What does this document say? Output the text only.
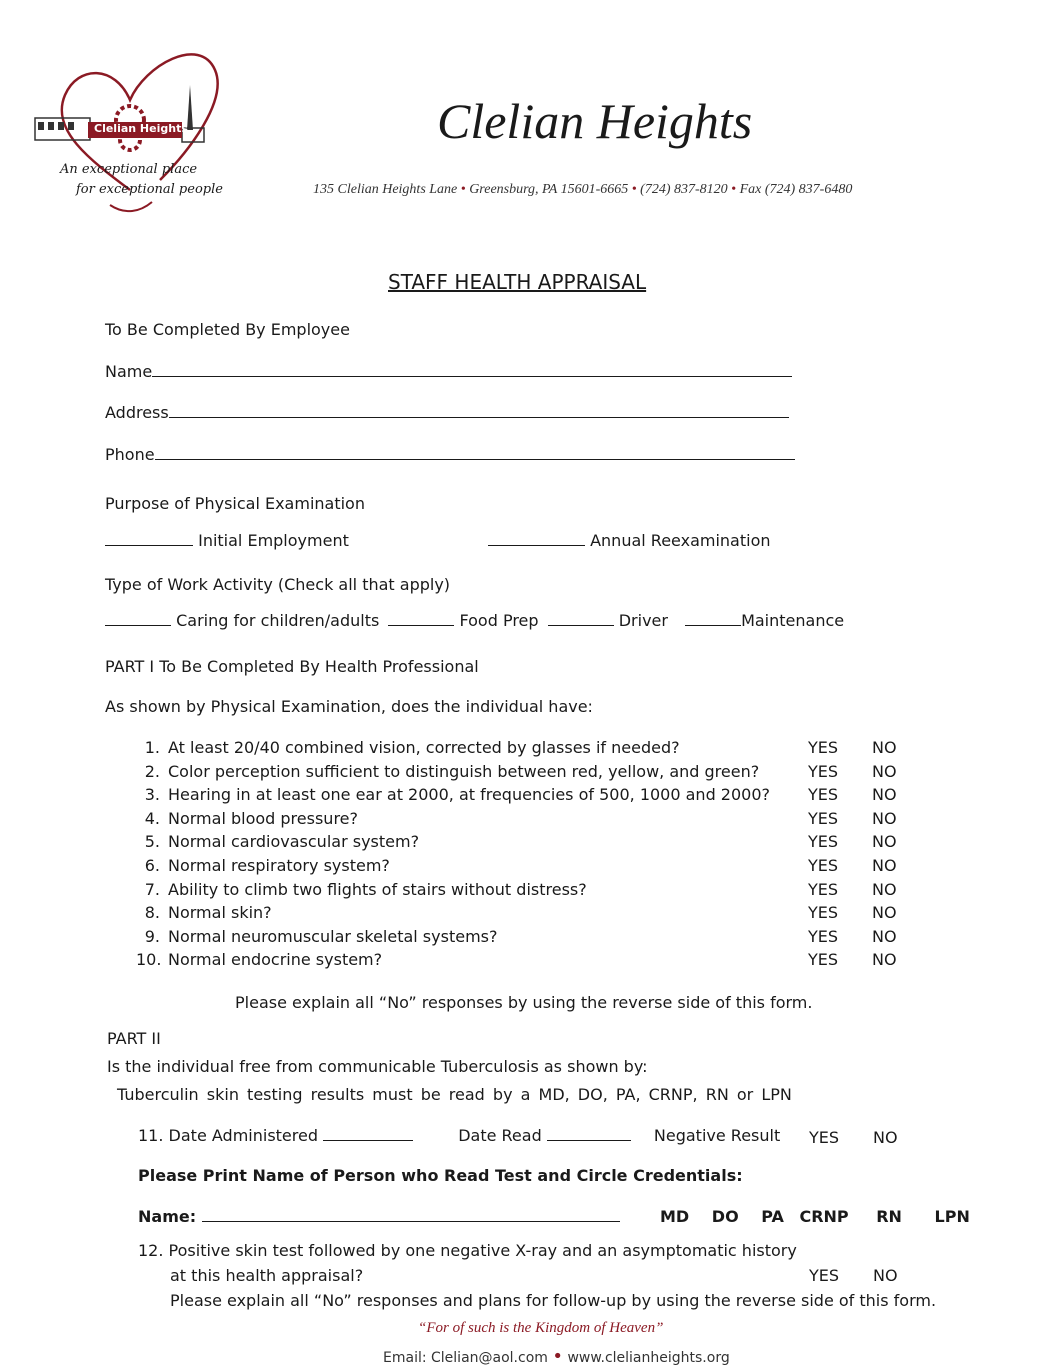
Clelian Heights
An exceptional place
for exceptional people
Clelian Heights
135 Clelian Heights Lane • Greensburg, PA 15601-6665 • (724) 837-8120 • Fax (724) 837-6480
STAFF HEALTH APPRAISAL
To Be Completed By Employee
Name
Address
Phone
Purpose of Physical Examination
Initial Employment	Annual Reexamination
Type of Work Activity (Check all that apply)
Caring for children/adults	Food Prep	Driver	Maintenance
PART I To Be Completed By Health Professional
As shown by Physical Examination, does the individual have:
1. At least 20/40 combined vision, corrected by glasses if needed?	YES NO
2. Color perception sufficient to distinguish between red, yellow, and green?	YES NO
3. Hearing in at least one ear at 2000, at frequencies of 500, 1000 and 2000? YES NO
4. Normal blood pressure?	YES NO
5. Normal cardiovascular system?	YES NO
6. Normal respiratory system?	YES NO
7. Ability to climb two flights of stairs without distress?	YES NO
8. Normal skin?	YES NO
9. Normal neuromuscular skeletal systems?	YES NO
10. Normal endocrine system?	YES NO
Please explain all “No” responses by using the reverse side of this form.
PART II
Is the individual free from communicable Tuberculosis as shown by:
Tuberculin skin testing results must be read by a MD, DO, PA, CRNP, RN or LPN
11. Date Administered	Date Read	Negative Result YES NO
Please Print Name of Person who Read Test and Circle Credentials:
Name:	MD DO PA CRNP RN LPN
12. Positive skin test followed by one negative X-ray and an asymptomatic history
at this health appraisal?	YES NO
Please explain all “No” responses and plans for follow-up by using the reverse side of this form.
“For of such is the Kingdom of Heaven”
Email: Clelian@aol.com • www.clelianheights.org
